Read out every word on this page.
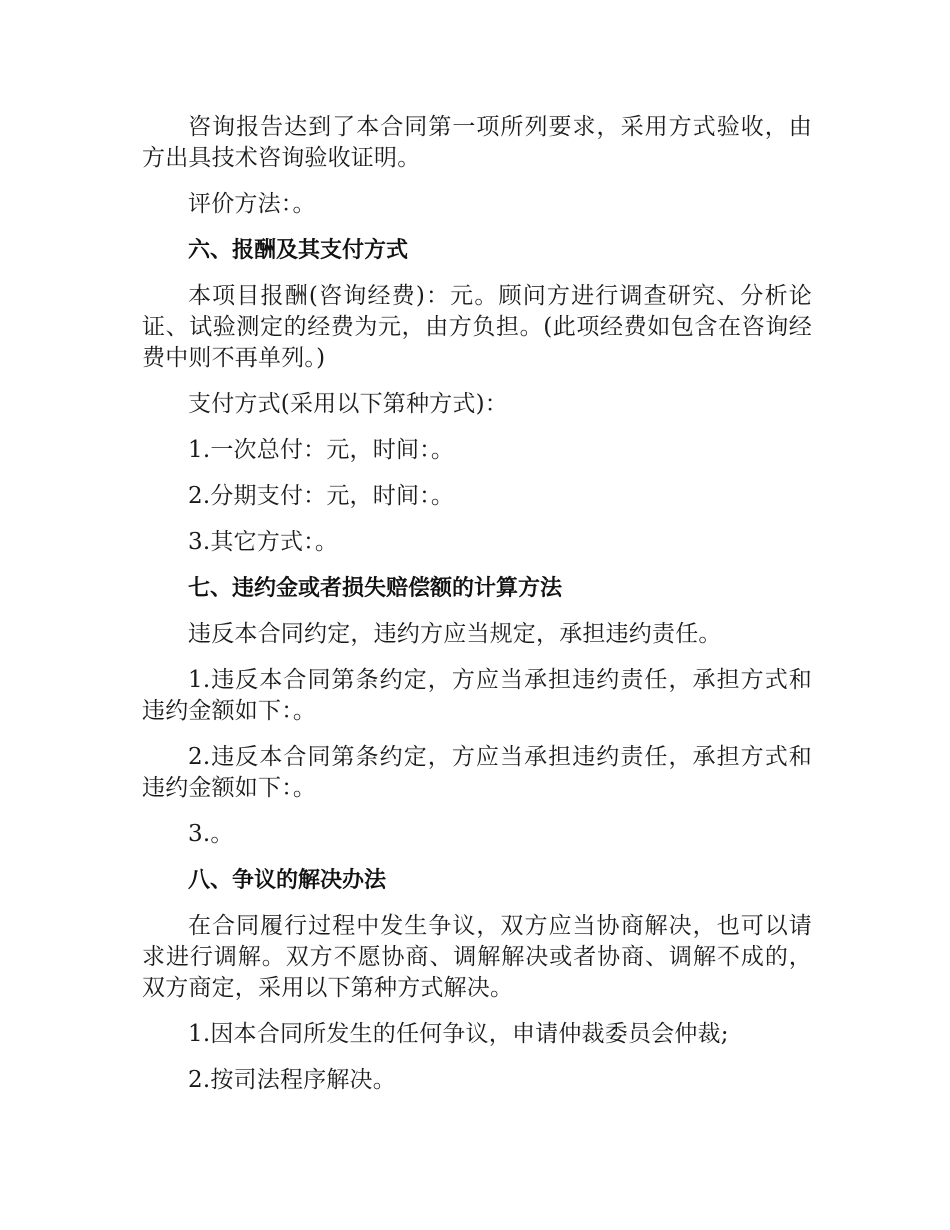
咨询报告达到了本合同第一项所列要求，采用方式验收，由方出具技术咨询验收证明。

评价方法：。

六、报酬及其支付方式

本项目报酬(咨询经费)：元。顾问方进行调查研究、分析论证、试验测定的经费为元，由方负担。(此项经费如包含在咨询经费中则不再单列。)

支付方式(采用以下第种方式)：

1.一次总付：元，时间：。

2.分期支付：元，时间：。

3.其它方式：。

七、违约金或者损失赔偿额的计算方法

违反本合同约定，违约方应当规定，承担违约责任。

1.违反本合同第条约定，方应当承担违约责任，承担方式和违约金额如下：。

2.违反本合同第条约定，方应当承担违约责任，承担方式和违约金额如下：。

3.。

八、争议的解决办法

在合同履行过程中发生争议，双方应当协商解决，也可以请求进行调解。双方不愿协商、调解解决或者协商、调解不成的，双方商定，采用以下第种方式解决。

1.因本合同所发生的任何争议，申请仲裁委员会仲裁;

2.按司法程序解决。
